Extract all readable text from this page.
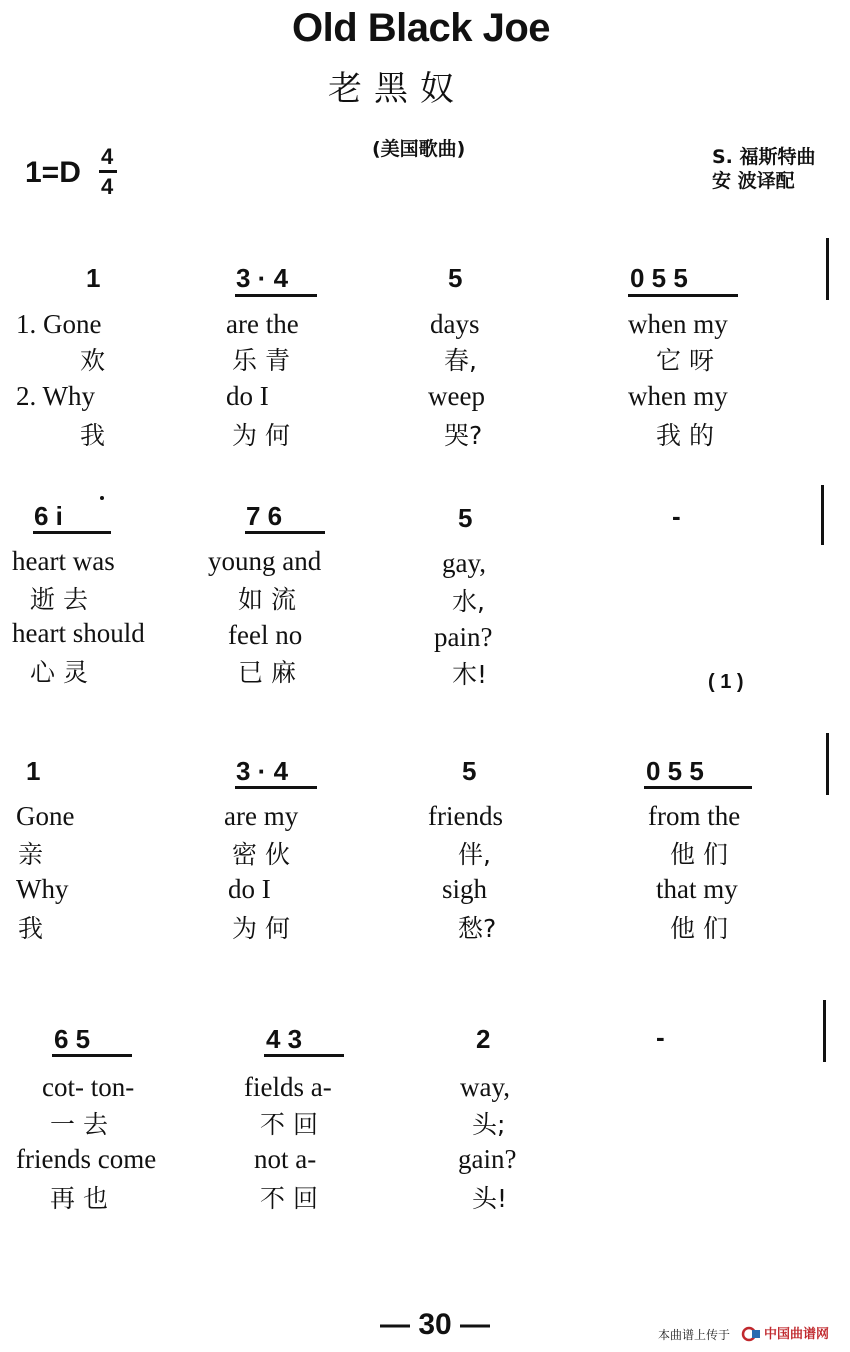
Old Black Joe
老黑奴
(美国歌曲)	S. 福斯特曲
安 波译配
1=D 4
4
1	3 · 4	5	0 5 5
1. Gone	are the	days	when my
欢	乐 青	春,	它 呀
2. Why	do I	weep	when my
我	为 何	哭?	我 的
6 i	7 6	5	-
heart was	young and	gay,
逝 去	如 流	水,
heart should	feel no	pain?
心 灵	已 麻	木!	( 1 )
1	3 · 4	5	0 5 5
Gone	are my	friends	from the
亲	密 伙	伴,	他 们
Why	do I	sigh	that my
我	为 何	愁?	他 们
6 5	4 3	2	-
cot- ton-	fields a-	way,
一 去	不 回	头;
friends come	not a-	gain?
再 也	不 回	头!
— 30 —	本曲谱上传于	中国曲谱网
